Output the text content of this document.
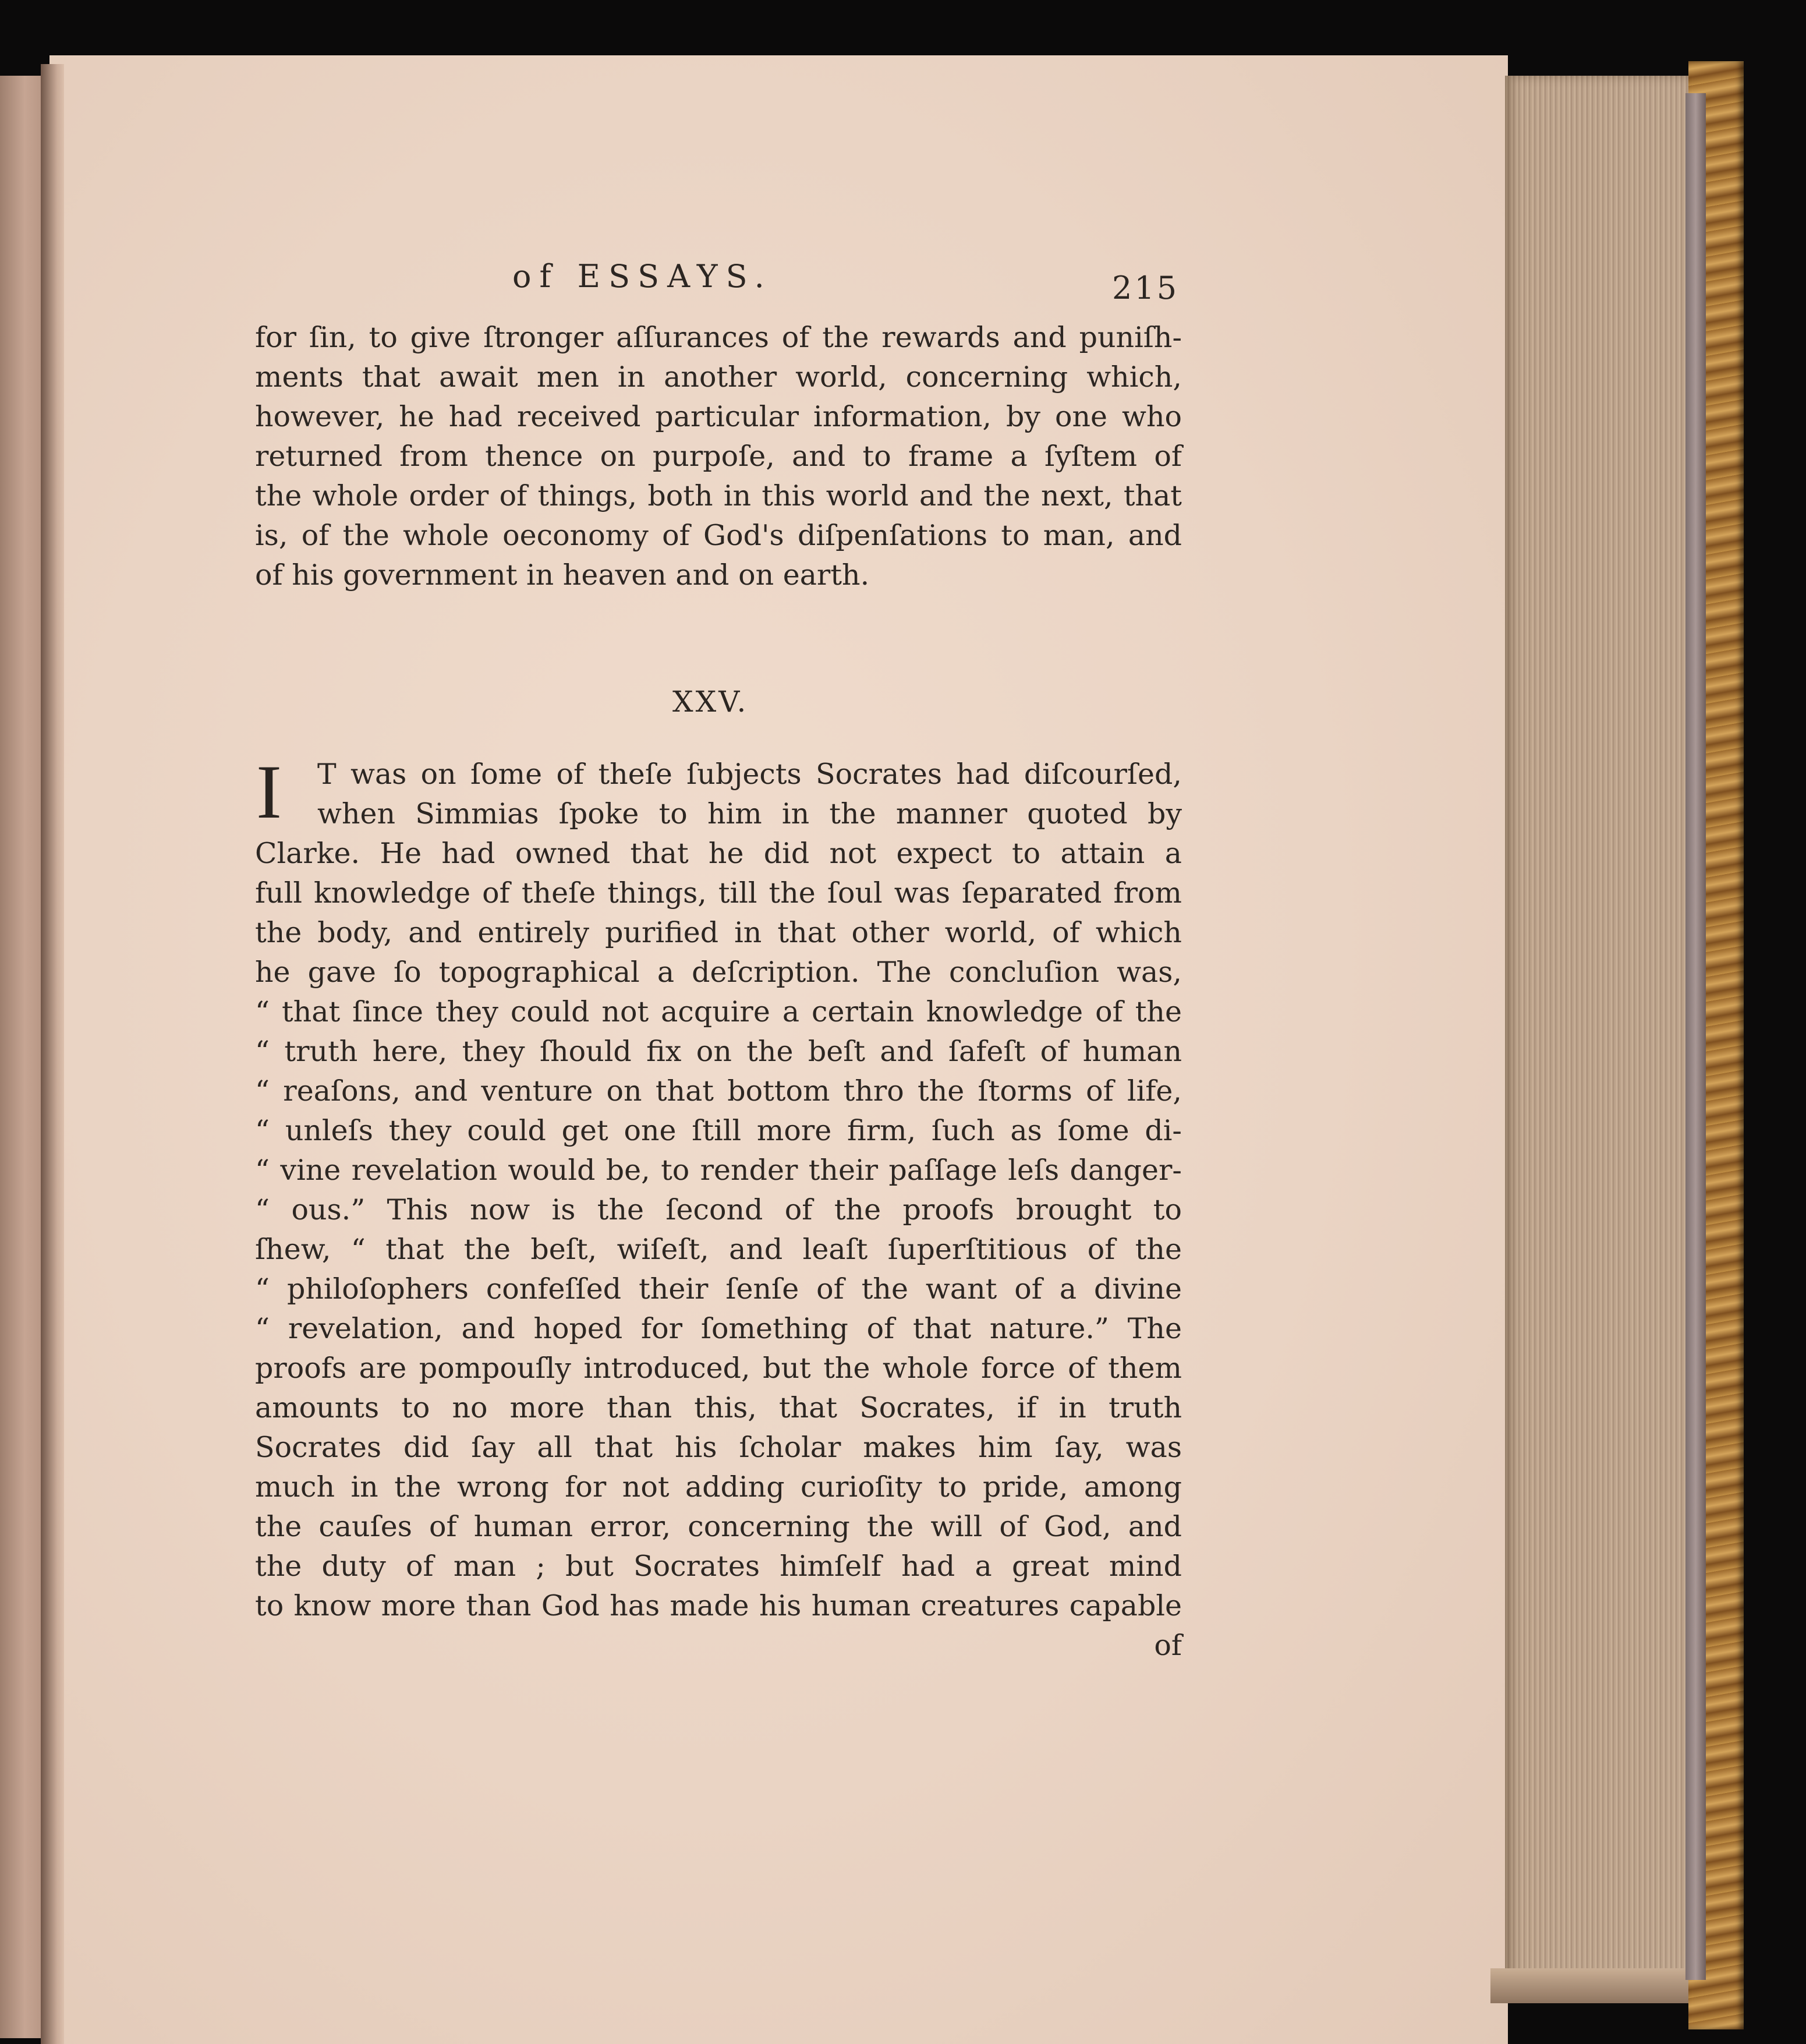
of ESSAYS.	215
for ſin, to give ſtronger aſſurances of the rewards and puniſh-
ments that await men in another world, concerning which,
however, he had received particular information, by one who
returned from thence on purpoſe, and to frame a ſyſtem of
the whole order of things, both in this world and the next, that
is, of the whole oeconomy of God's diſpenſations to man, and
of his government in heaven and on earth.
XXV.
I T was on ſome of theſe ſubjects Socrates had diſcourſed,
when Simmias ſpoke to him in the manner quoted by
Clarke. He had owned that he did not expect to attain a
full knowledge of theſe things, till the ſoul was ſeparated from
the body, and entirely purified in that other world, of which
he gave ſo topographical a deſcription. The concluſion was,
“ that ſince they could not acquire a certain knowledge of the
“ truth here, they ſhould fix on the beſt and ſafeſt of human
“ reaſons, and venture on that bottom thro the ſtorms of life,
“ unleſs they could get one ſtill more firm, ſuch as ſome di-
“ vine revelation would be, to render their paſſage leſs danger-
“ ous.” This now is the ſecond of the proofs brought to
ſhew, “ that the beſt, wiſeſt, and leaſt ſuperſtitious of the
“ philoſophers confeſſed their ſenſe of the want of a divine
“ revelation, and hoped for ſomething of that nature.” The
proofs are pompouſly introduced, but the whole force of them
amounts to no more than this, that Socrates, if in truth
Socrates did ſay all that his ſcholar makes him ſay, was
much in the wrong for not adding curioſity to pride, among
the cauſes of human error, concerning the will of God, and
the duty of man ; but Socrates himſelf had a great mind
to know more than God has made his human creatures capable
of
